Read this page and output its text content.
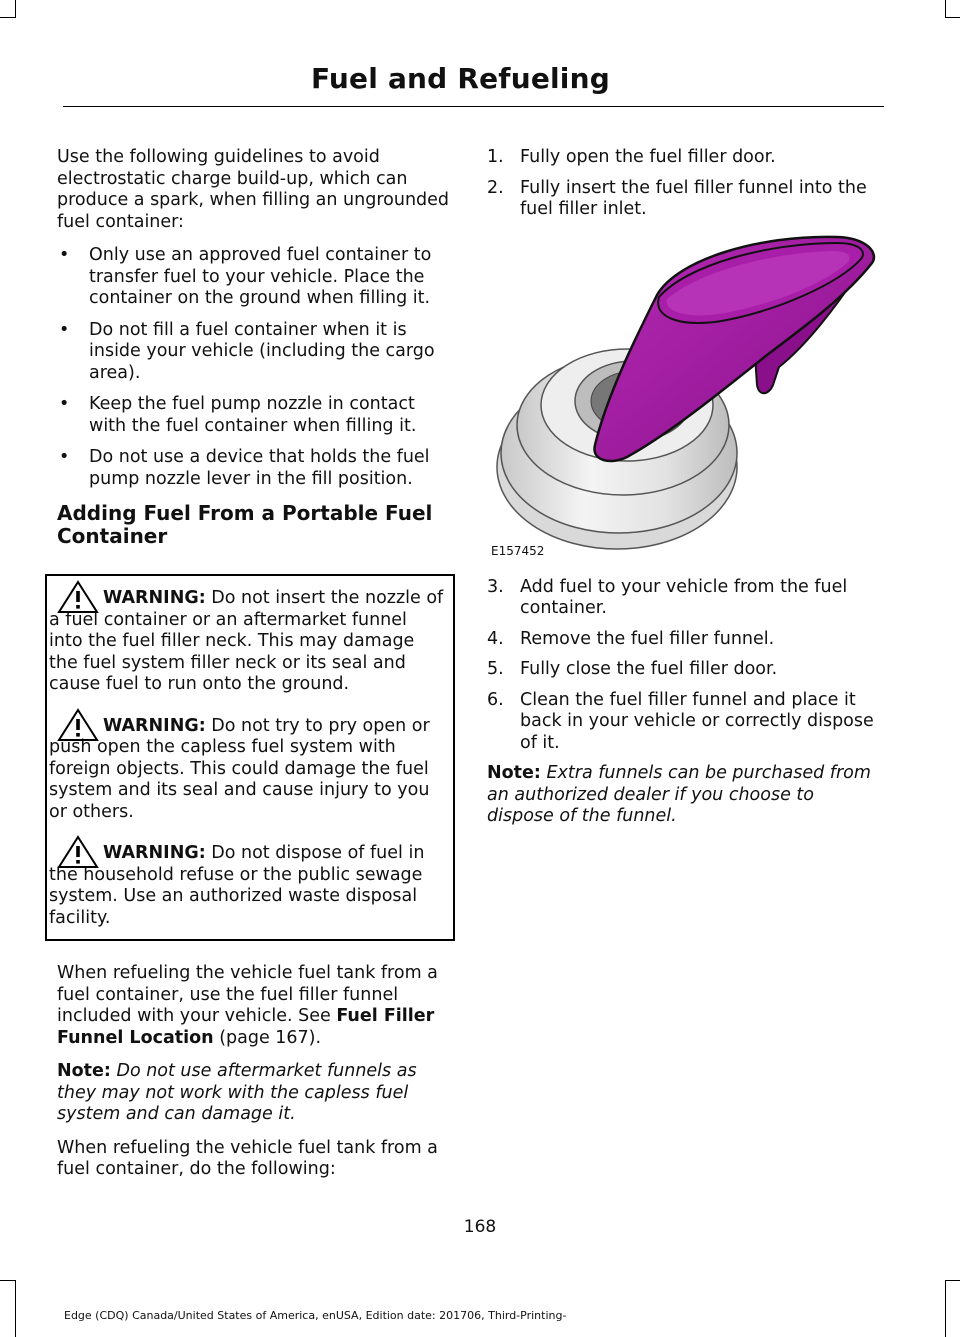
Fuel and Refueling

Use the following guidelines to avoid electrostatic charge build-up, which can produce a spark, when filling an ungrounded fuel container:

• Only use an approved fuel container to transfer fuel to your vehicle. Place the container on the ground when filling it.
• Do not fill a fuel container when it is inside your vehicle (including the cargo area).
• Keep the fuel pump nozzle in contact with the fuel container when filling it.
• Do not use a device that holds the fuel pump nozzle lever in the fill position.
Adding Fuel From a Portable Fuel Container
WARNING: Do not insert the nozzle of a fuel container or an aftermarket funnel into the fuel filler neck. This may damage the fuel system filler neck or its seal and cause fuel to run onto the ground.
WARNING: Do not try to pry open or push open the capless fuel system with foreign objects. This could damage the fuel system and its seal and cause injury to you or others.
WARNING: Do not dispose of fuel in the household refuse or the public sewage system. Use an authorized waste disposal facility.

When refueling the vehicle fuel tank from a fuel container, use the fuel filler funnel included with your vehicle. See Fuel Filler Funnel Location (page 167).

Note: Do not use aftermarket funnels as they may not work with the capless fuel system and can damage it.

When refueling the vehicle fuel tank from a fuel container, do the following:

1. Fully open the fuel filler door.
2. Fully insert the fuel filler funnel into the fuel filler inlet.
E157452
3. Add fuel to your vehicle from the fuel container.
4. Remove the fuel filler funnel.
5. Fully close the fuel filler door.
6. Clean the fuel filler funnel and place it back in your vehicle or correctly dispose of it.

Note: Extra funnels can be purchased from an authorized dealer if you choose to dispose of the funnel.

168
Edge (CDQ) Canada/United States of America, enUSA, Edition date: 201706, Third-Printing-
